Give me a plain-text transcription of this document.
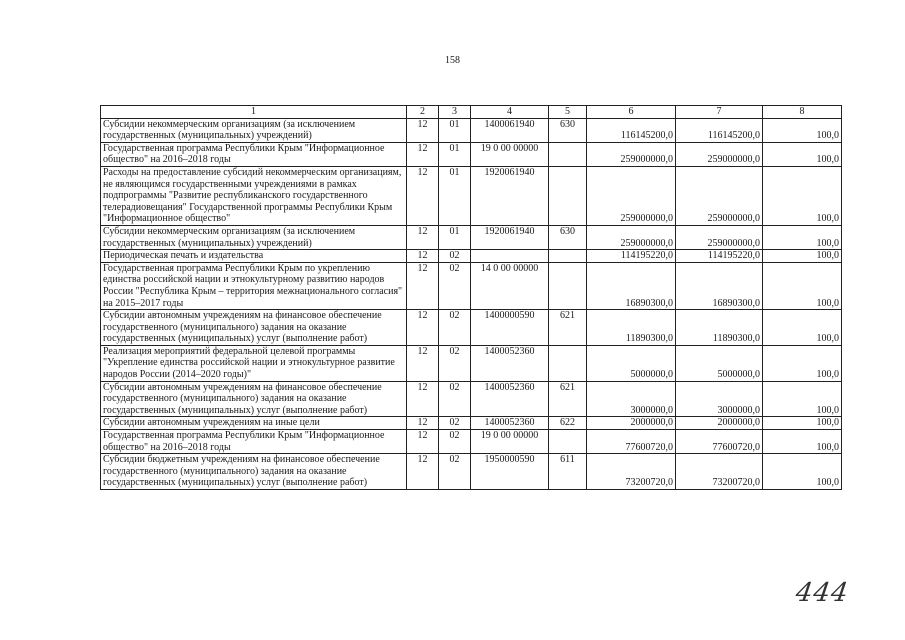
158
1	2	3	4	5	6	7	8
Субсидии некоммерческим организациям (за исключением государственных (муниципальных) учреждений)	12	01	1400061940	630	116145200,0	116145200,0	100,0
Государственная программа Республики Крым "Информационное общество" на 2016–2018 годы	12	01	19 0 00 00000		259000000,0	259000000,0	100,0
Расходы на предоставление субсидий некоммерческим организациям, не являющимся государственными учреждениями в рамках подпрограммы "Развитие республиканского государственного телерадиовещания" Государственной программы Республики Крым "Информационное общество"	12	01	1920061940		259000000,0	259000000,0	100,0
Субсидии некоммерческим организациям (за исключением государственных (муниципальных) учреждений)	12	01	1920061940	630	259000000,0	259000000,0	100,0
Периодическая печать и издательства	12	02			114195220,0	114195220,0	100,0
Государственная программа Республики Крым по укреплению единства российской нации и этнокультурному развитию народов России "Республика Крым – территория межнационального согласия" на 2015–2017 годы	12	02	14 0 00 00000		16890300,0	16890300,0	100,0
Субсидии автономным учреждениям на финансовое обеспечение государственного (муниципального) задания на оказание государственных (муниципальных) услуг (выполнение работ)	12	02	1400000590	621	11890300,0	11890300,0	100,0
Реализация мероприятий федеральной целевой программы "Укрепление единства российской нации и этнокультурное развитие народов России (2014–2020 годы)"	12	02	1400052360		5000000,0	5000000,0	100,0
Субсидии автономным учреждениям на финансовое обеспечение государственного (муниципального) задания на оказание государственных (муниципальных) услуг (выполнение работ)	12	02	1400052360	621	3000000,0	3000000,0	100,0
Субсидии автономным учреждениям на иные цели	12	02	1400052360	622	2000000,0	2000000,0	100,0
Государственная программа Республики Крым "Информационное общество" на 2016–2018 годы	12	02	19 0 00 00000		77600720,0	77600720,0	100,0
Субсидии бюджетным учреждениям на финансовое обеспечение государственного (муниципального) задания на оказание государственных (муниципальных) услуг (выполнение работ)	12	02	1950000590	611	73200720,0	73200720,0	100,0
444
